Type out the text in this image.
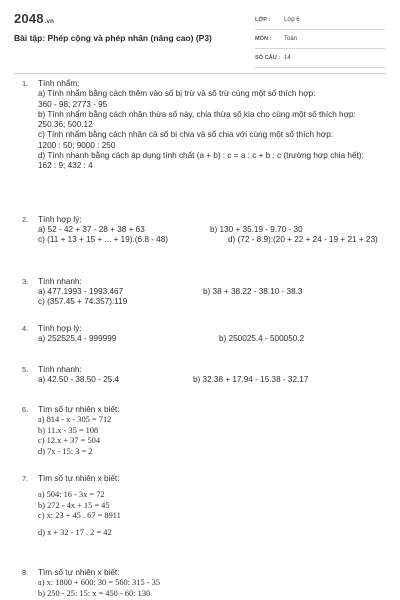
2048.vn
Bài tập: Phép cộng và phép nhân (nâng cao) (P3)
LỚP : Lớp 6
MÔN : Toán
SỐ CÂU : 14
1. Tính nhẩm:
a) Tính nhẩm bằng cách thêm vào số bị trừ và số trừ cùng một số thích hợp:
360 - 98; 2773 - 95
b) Tính nhẩm bằng cách nhân thừa số này, chia thừa số kia cho cùng một số thích hợp:
250.36; 500.12
c) Tính nhẩm bằng cách nhân cả số bị chia và số chia với cùng một số thích hợp:
1200 : 50; 9000 : 250
d) Tính nhanh bằng cách áp dụng tính chất (a + b) : c = a : c + b : c (trường hợp chia hết):
162 : 9; 432 : 4
2. Tính hợp lý:
a) 52 - 42 + 37 - 28 + 38 + 63	b) 130 + 35.19 - 9.70 - 30
c) (11 + 13 + 15 + ... + 19).(6.8 - 48)	d) (72 - 8.9):(20 + 22 + 24 - 19 + 21 + 23)
3. Tính nhanh:
a) 477.1993 - 1993.467	b) 38 + 38.22 - 38.10 - 38.3
c) (357.45 + 74.357):119
4. Tính hợp lý:
a) 252525.4 - 999999	b) 250025.4 - 500050.2
5. Tính nhanh:
a) 42.50 - 38.50 - 25.4	b) 32.38 + 17.94 - 15.38 - 32.17
6. Tìm số tự nhiên x biết:
a) 814 - x - 305 = 712
b) 11.x - 35 = 108
c) 12.x + 37 = 504
d) 7x - 15: 3 = 2
7. Tìm số tự nhiên x biết:
a) 504: 16 - 3x = 72
b) 272 - 4x + 15 = 45
c) x: 23 + 45 . 67 = 8911
d) x + 32 - 17 . 2 = 42
8. Tìm số tự nhiên x biết:
a) x: 1800 + 600: 30 = 560: 315 - 35
b) 250 - 25: 15: x = 450 - 60: 130
